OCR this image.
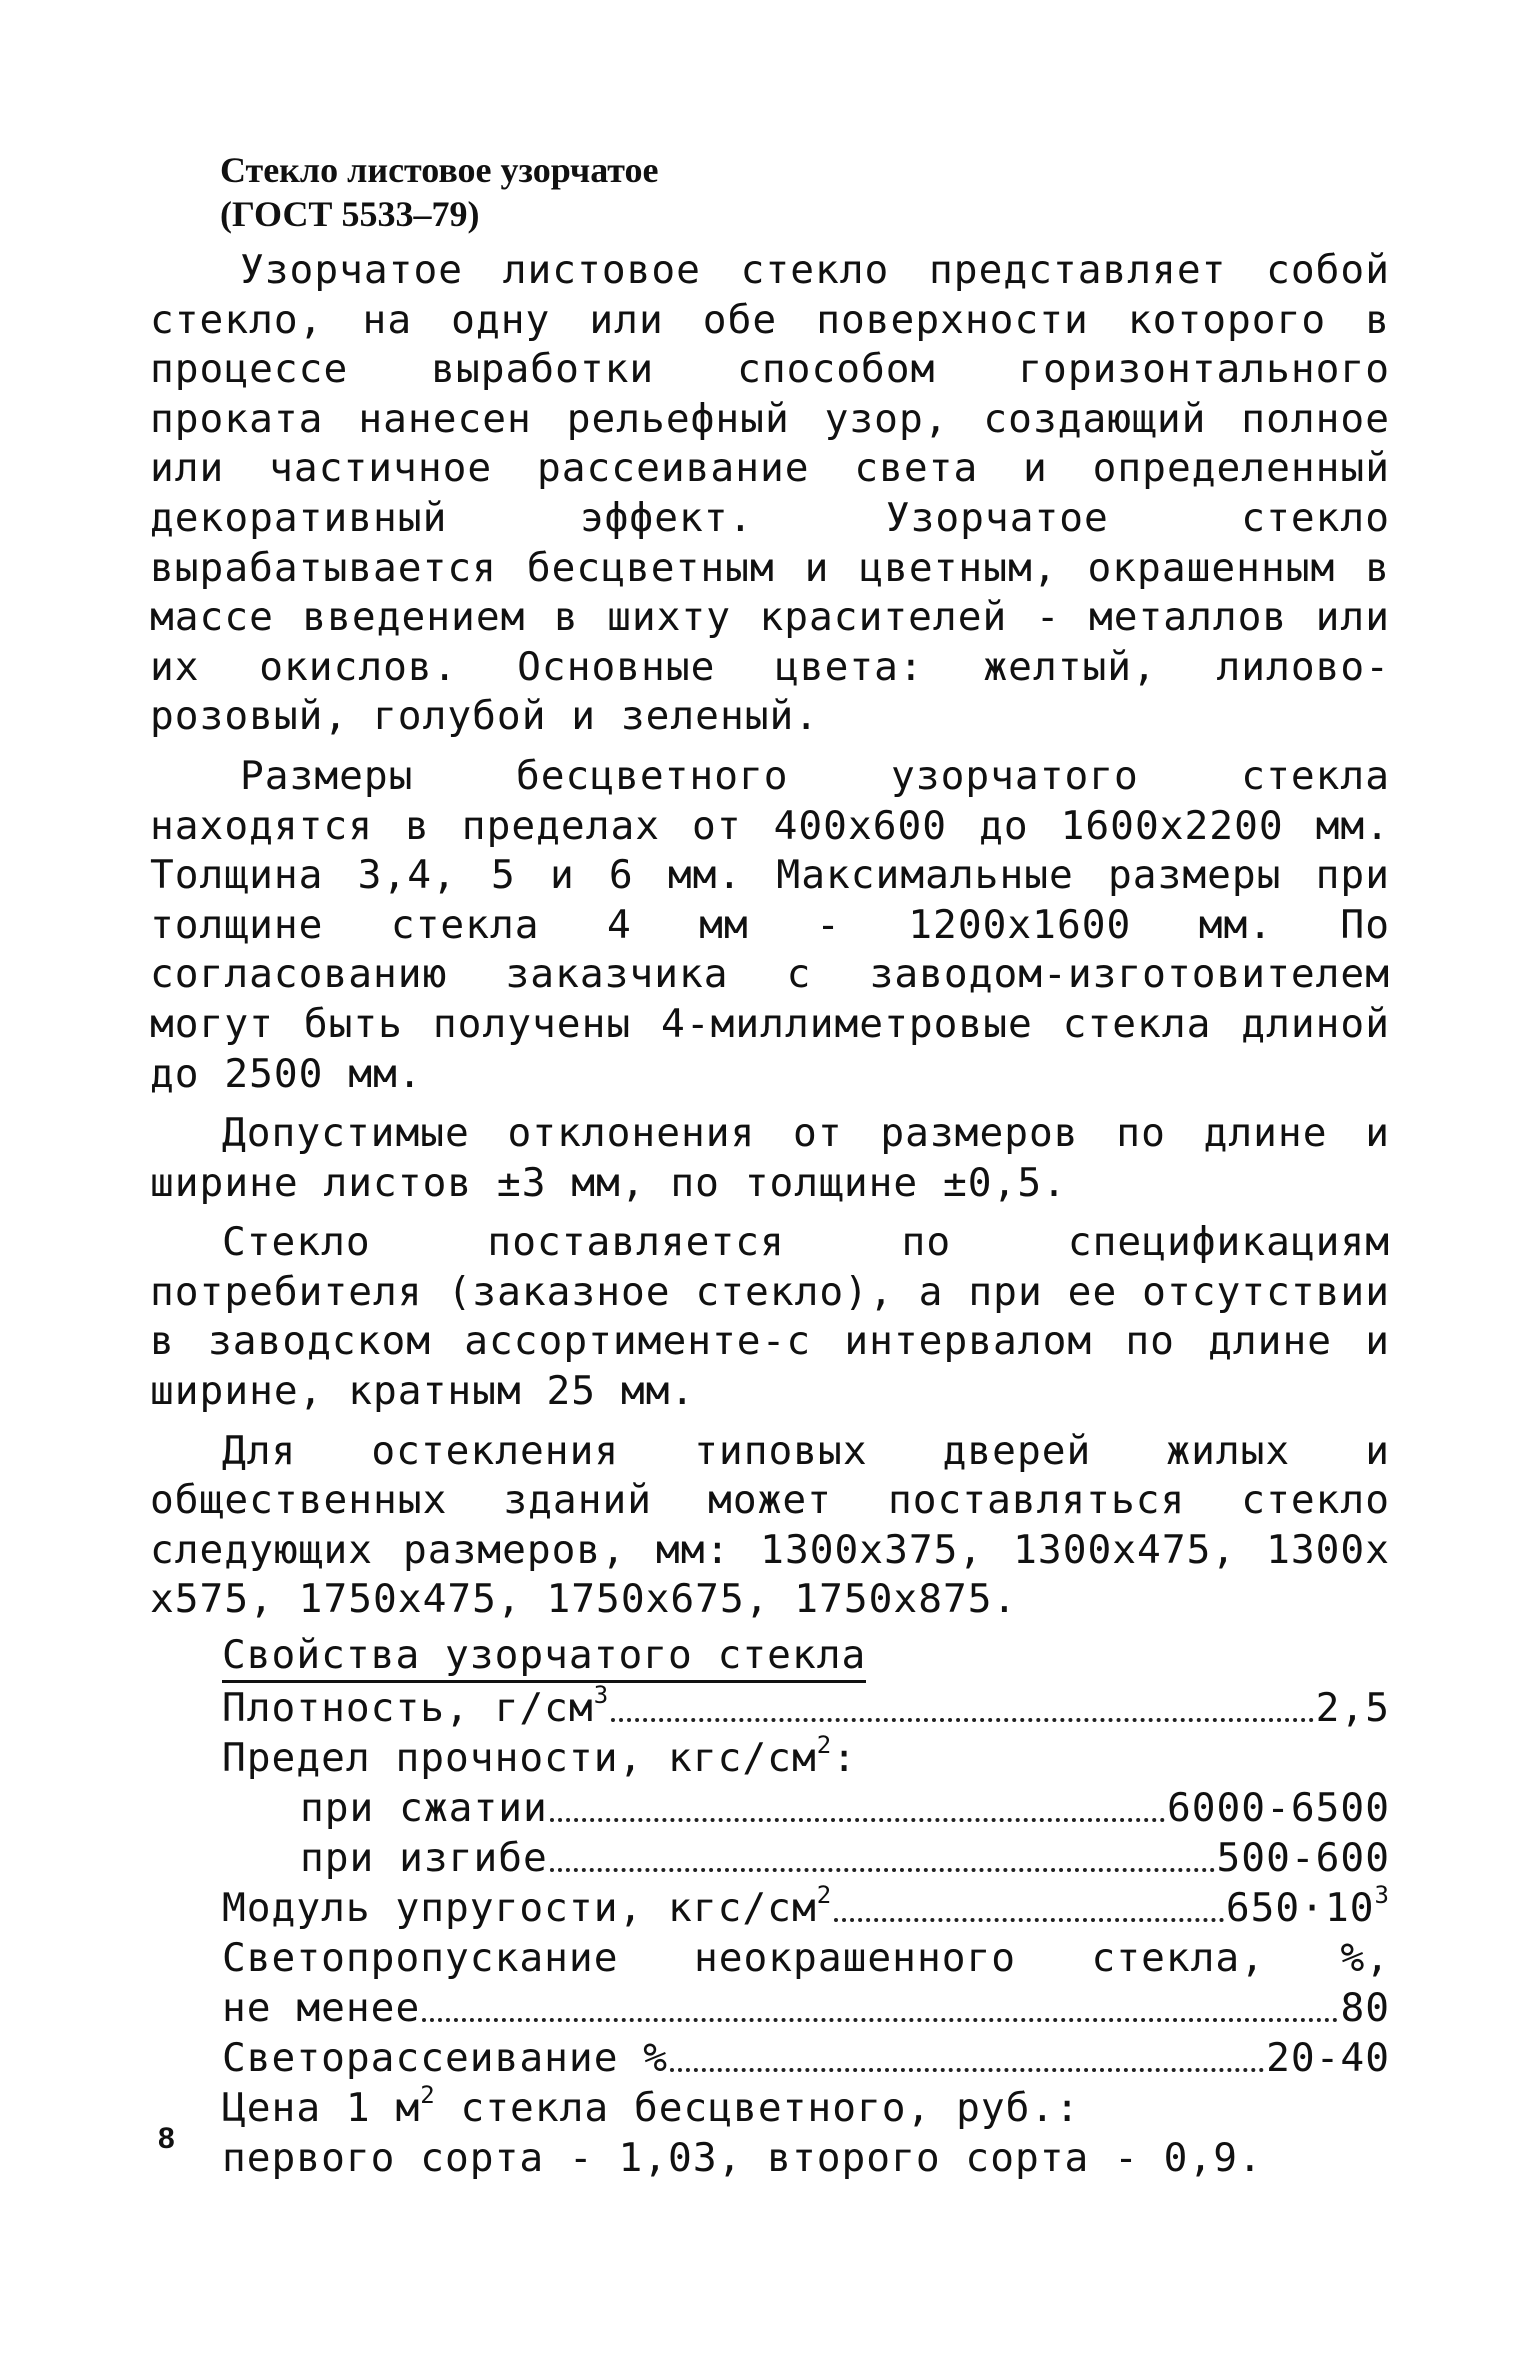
Стекло листовое узорчатое
(ГОСТ 5533–79)

Узорчатое листовое стекло представляет собой стекло, на одну или обе поверхности которого в процессе выработки способом горизонтального проката нанесен рельефный узор, создающий полное или частичное рассеивание света и определенный декоративный эффект. Узорчатое стекло вырабатывается бесцветным и цветным, окрашенным в массе введением в шихту красителей - металлов или их окислов. Основные цвета: желтый, лилово-розовый, голубой и зеленый.

Размеры бесцветного узорчатого стекла находятся в пределах от 400х600 до 1600х2200 мм. Толщина 3,4, 5 и 6 мм. Максимальные размеры при толщине стекла 4 мм - 1200х1600 мм. По согласованию заказчика с заводом-изготовителем могут быть получены 4-миллиметровые стекла длиной до 2500 мм.

Допустимые отклонения от размеров по длине и ширине листов ±3 мм, по толщине ±0,5.

Стекло поставляется по спецификациям потребителя (заказное стекло), а при ее отсутствии в заводском ассортименте-с интервалом по длине и ширине, кратным 25 мм.

Для остекления типовых дверей жилых и общественных зданий может поставляться стекло следующих размеров, мм: 1300х375, 1300х475, 1300х х575, 1750х475, 1750х675, 1750х875.

Свойства узорчатого стекла
Плотность, $г/см^3$	2,5
Предел прочности, кгс/$см^2$:
при сжатии	6000-6500
при изгибе	500-600
Модуль упругости, кгс/$см^2$	$650\cdot 10^3$
Светопропускание неокрашенного стекла, %,
не менее	80
Светорассеивание %	20-40
Цена 1 $м^2$ стекла бесцветного, руб.:
первого сорта - 1,03, второго сорта - 0,9.
8
